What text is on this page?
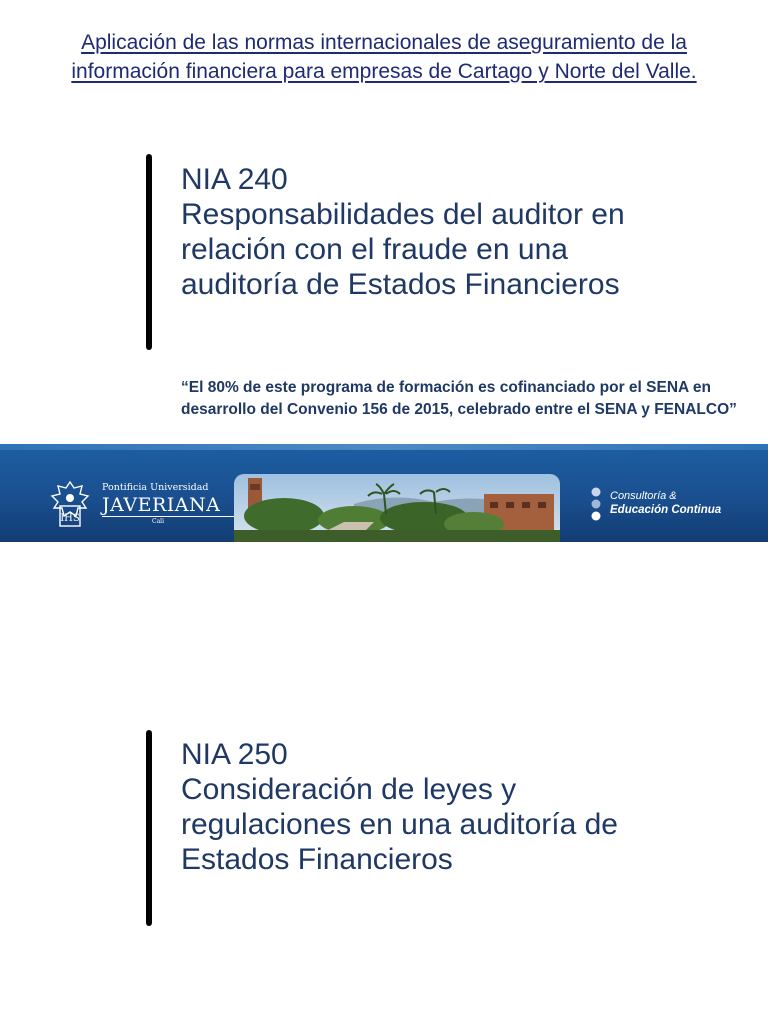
Aplicación de las normas internacionales de aseguramiento de la información financiera para empresas de Cartago y Norte del Valle.
NIA 240
Responsabilidades del auditor en relación con el fraude en una auditoría de Estados Financieros
“El 80% de este programa de formación es cofinanciado por el SENA en desarrollo del Convenio 156 de 2015, celebrado entre el SENA y FENALCO”
IHS
Pontificia Universidad
JAVERIANA
Cali
Consultoría &
Educación Continua
NIA 250
Consideración de leyes y regulaciones en una auditoría de Estados Financieros
